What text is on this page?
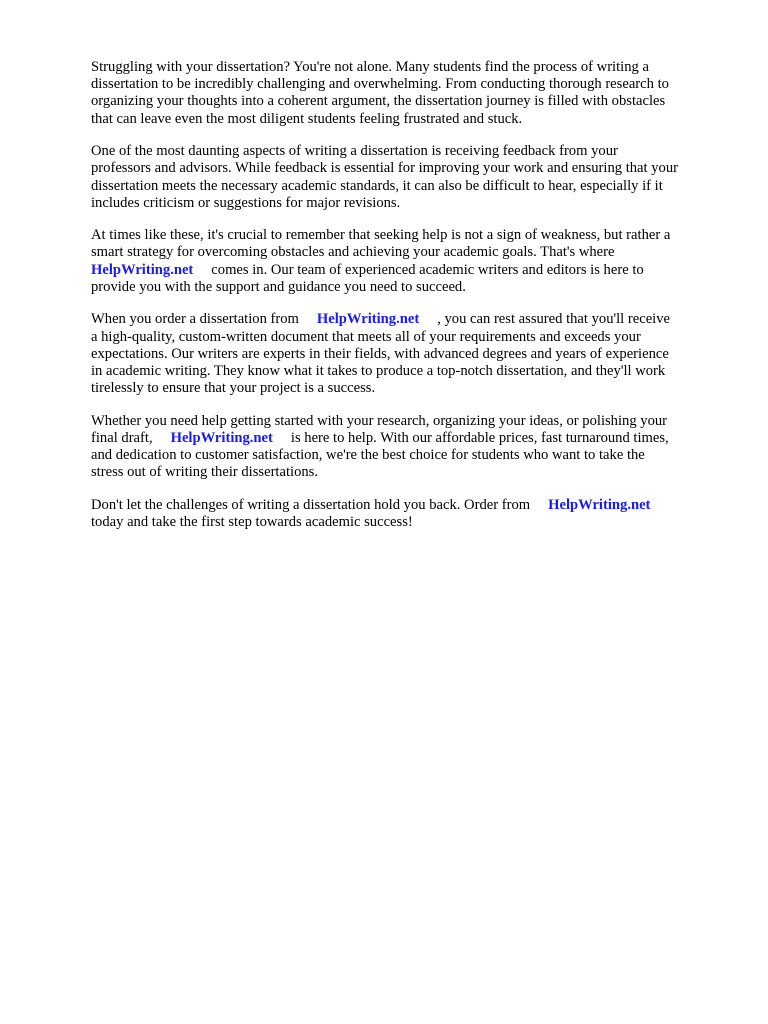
Struggling with your dissertation? You're not alone. Many students find the process of writing a
dissertation to be incredibly challenging and overwhelming. From conducting thorough research to
organizing your thoughts into a coherent argument, the dissertation journey is filled with obstacles
that can leave even the most diligent students feeling frustrated and stuck.
One of the most daunting aspects of writing a dissertation is receiving feedback from your
professors and advisors. While feedback is essential for improving your work and ensuring that your
dissertation meets the necessary academic standards, it can also be difficult to hear, especially if it
includes criticism or suggestions for major revisions.
At times like these, it's crucial to remember that seeking help is not a sign of weakness, but rather a
smart strategy for overcoming obstacles and achieving your academic goals. That's where
HelpWriting.net comes in. Our team of experienced academic writers and editors is here to
provide you with the support and guidance you need to succeed.
When you order a dissertation from HelpWriting.net , you can rest assured that you'll receive
a high-quality, custom-written document that meets all of your requirements and exceeds your
expectations. Our writers are experts in their fields, with advanced degrees and years of experience
in academic writing. They know what it takes to produce a top-notch dissertation, and they'll work
tirelessly to ensure that your project is a success.
Whether you need help getting started with your research, organizing your ideas, or polishing your
final draft, HelpWriting.net is here to help. With our affordable prices, fast turnaround times,
and dedication to customer satisfaction, we're the best choice for students who want to take the
stress out of writing their dissertations.
Don't let the challenges of writing a dissertation hold you back. Order from HelpWriting.net
today and take the first step towards academic success!
